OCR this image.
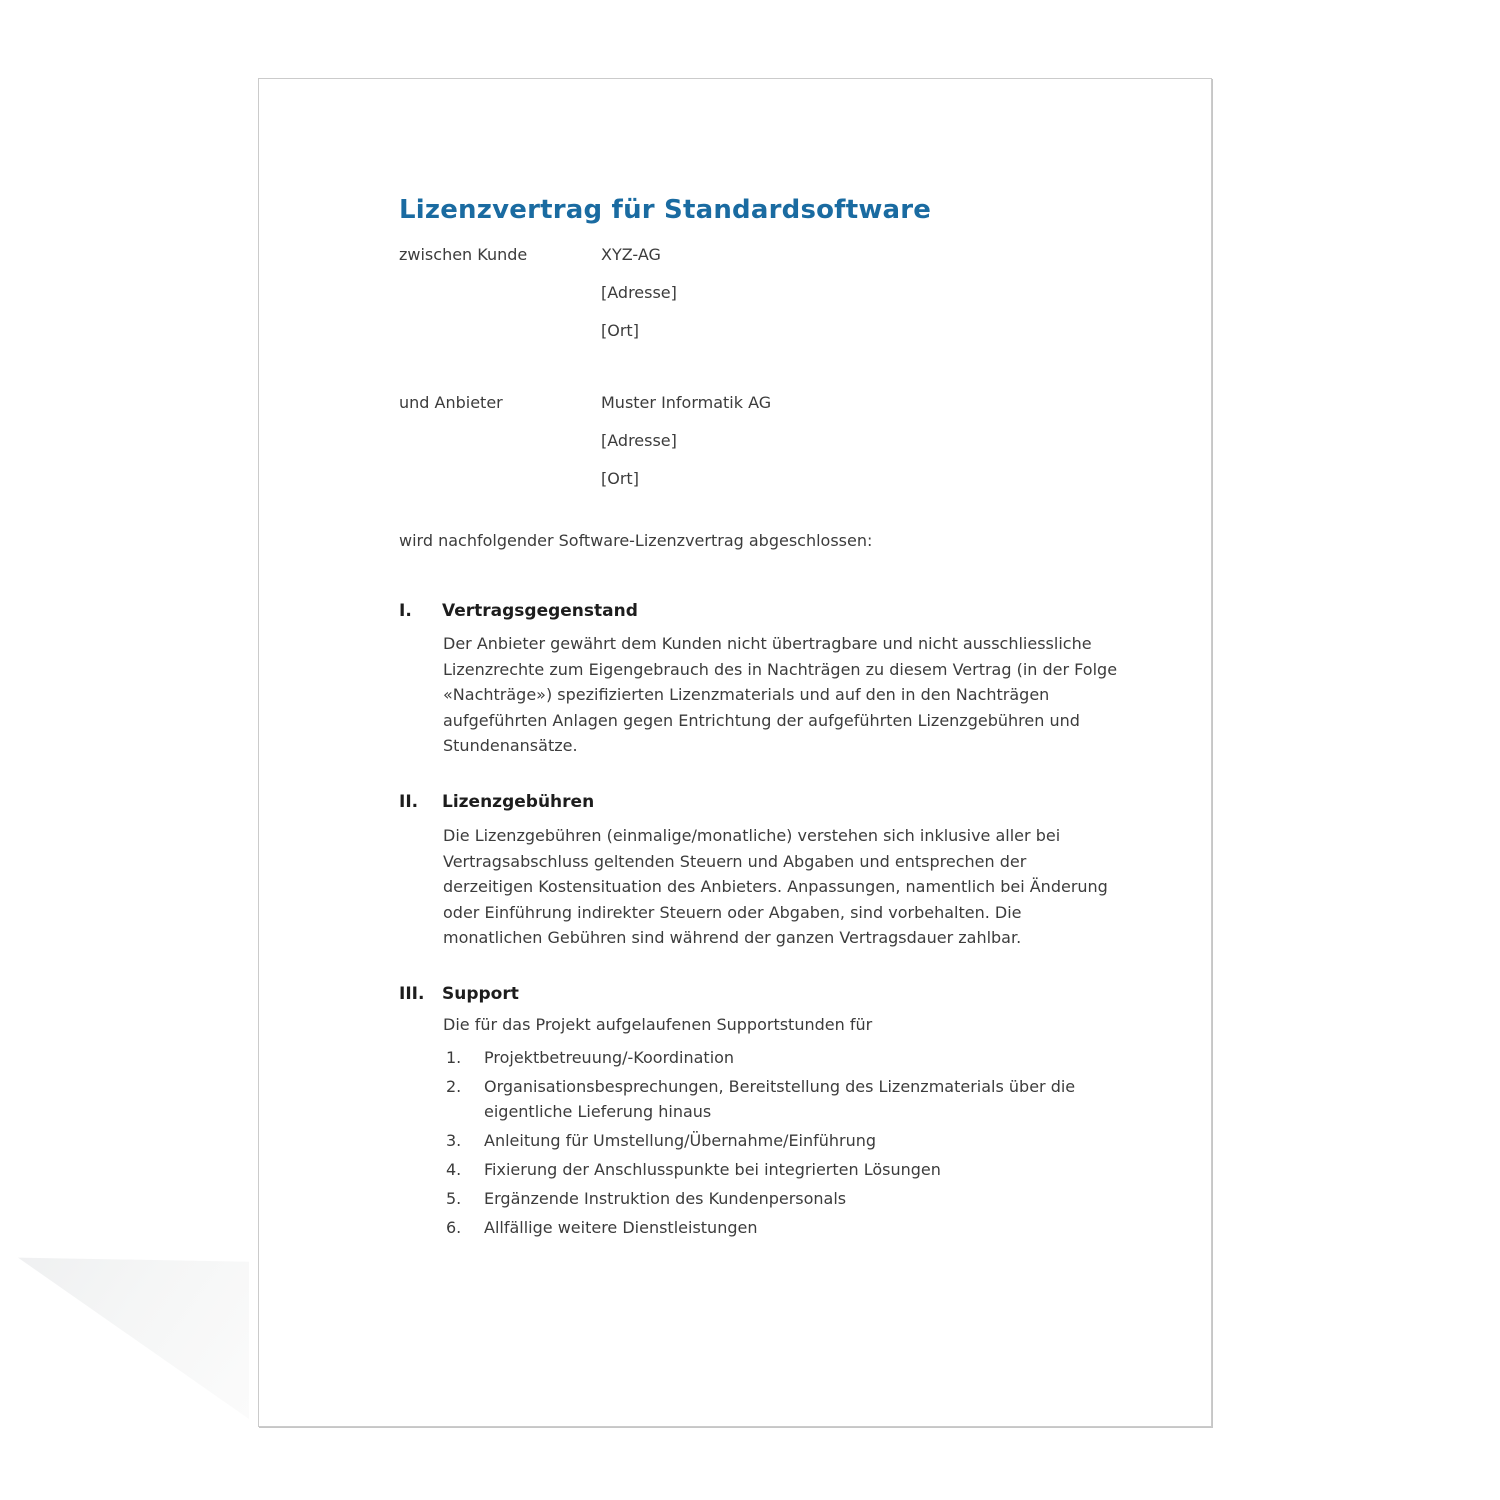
Lizenzvertrag für Standardsoftware
zwischen Kunde	XYZ-AG
[Adresse]
[Ort]
und Anbieter	Muster Informatik AG
[Adresse]
[Ort]
wird nachfolgender Software-Lizenzvertrag abgeschlossen:
I. Vertragsgegenstand
Der Anbieter gewährt dem Kunden nicht übertragbare und nicht ausschliessliche Lizenzrechte zum Eigengebrauch des in Nachträgen zu diesem Vertrag (in der Folge «Nachträge») spezifizierten Lizenzmaterials und auf den in den Nachträgen aufgeführten Anlagen gegen Entrichtung der aufgeführten Lizenzgebühren und Stundenansätze.
II. Lizenzgebühren
Die Lizenzgebühren (einmalige/monatliche) verstehen sich inklusive aller bei Vertragsabschluss geltenden Steuern und Abgaben und entsprechen der derzeitigen Kostensituation des Anbieters. Anpassungen, namentlich bei Änderung oder Einführung indirekter Steuern oder Abgaben, sind vorbehalten. Die monatlichen Gebühren sind während der ganzen Vertragsdauer zahlbar.
III. Support
Die für das Projekt aufgelaufenen Supportstunden für
1.	Projektbetreuung/-Koordination
2.	Organisationsbesprechungen, Bereitstellung des Lizenzmaterials über die eigentliche Lieferung hinaus
3.	Anleitung für Umstellung/Übernahme/Einführung
4.	Fixierung der Anschlusspunkte bei integrierten Lösungen
5.	Ergänzende Instruktion des Kundenpersonals
6.	Allfällige weitere Dienstleistungen
